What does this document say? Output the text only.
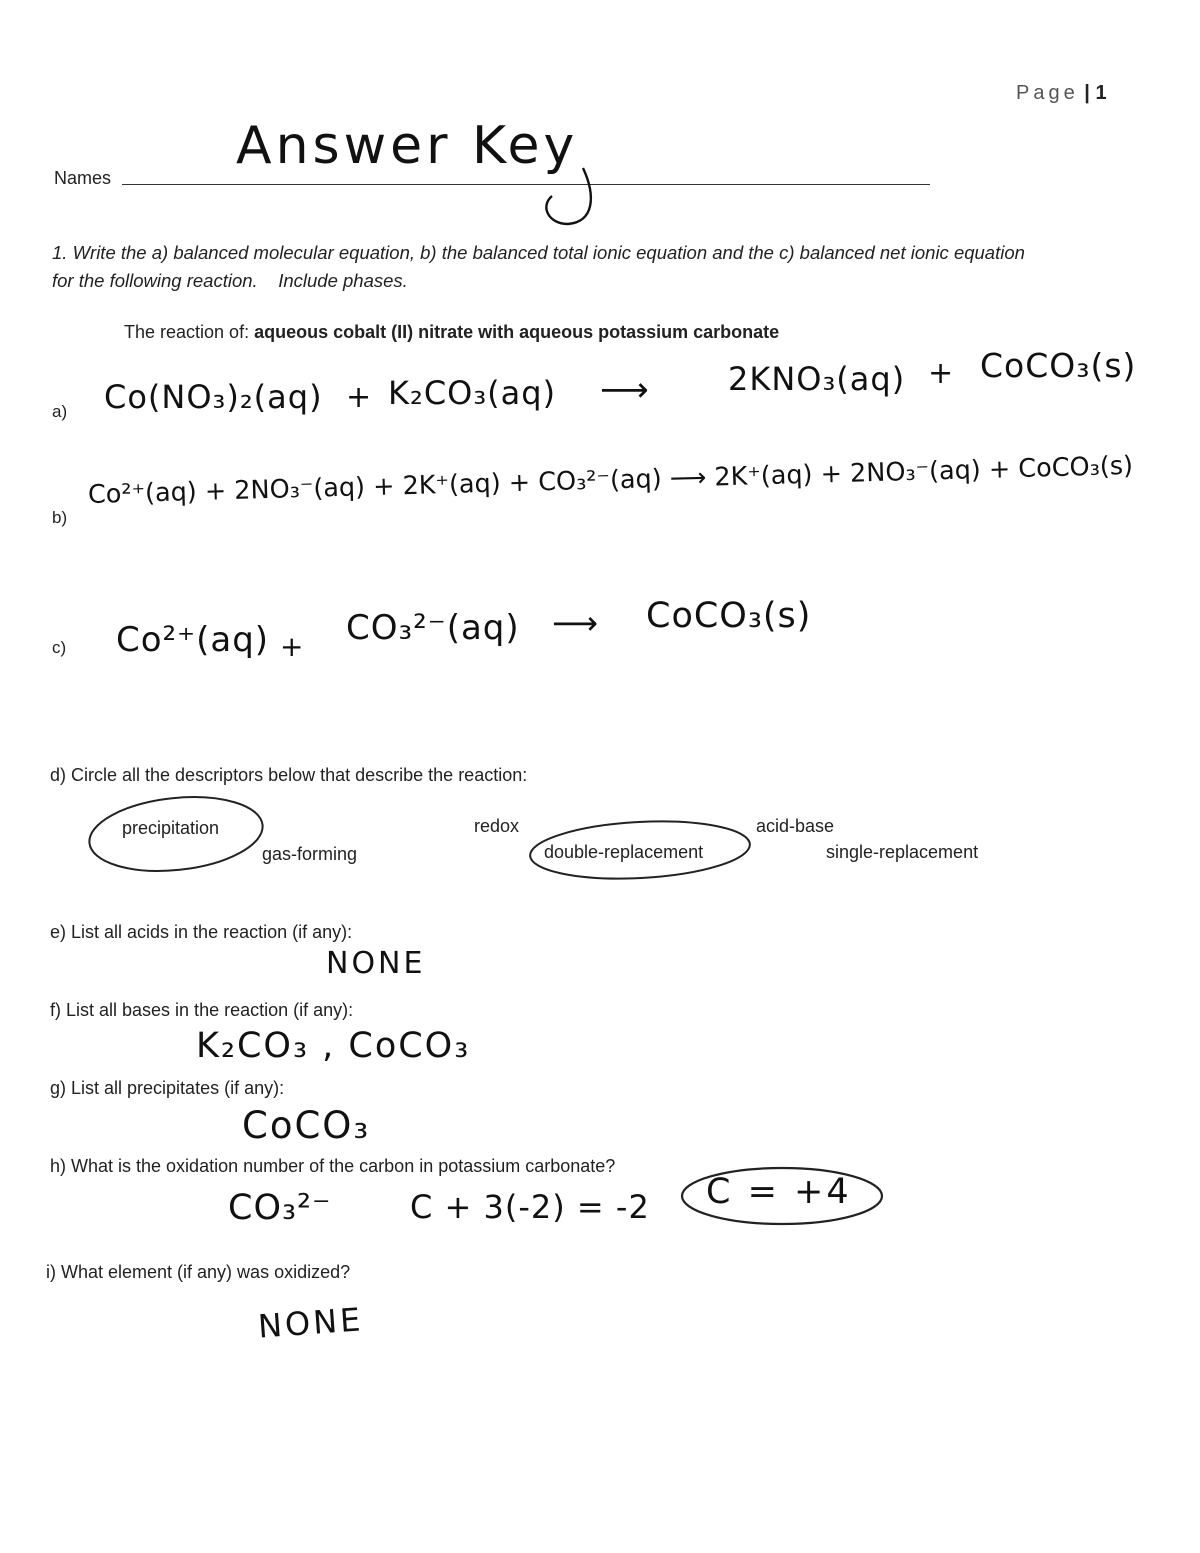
Page | 1
Names
Answer Key
1. Write the a) balanced molecular equation, b) the balanced total ionic equation and the c) balanced net ionic equation
for the following reaction.    Include phases.
The reaction of: aqueous cobalt (II) nitrate with aqueous potassium carbonate
a) Co(NO₃)₂(aq) + K₂CO₃(aq) ⟶ 2KNO₃(aq) + CoCO₃(s)
b)
Co²⁺(aq) + 2NO₃⁻(aq) + 2K⁺(aq) + CO₃²⁻(aq) ⟶ 2K⁺(aq) + 2NO₃⁻(aq) + CoCO₃(s)
c) Co²⁺(aq) + CO₃²⁻(aq) ⟶ CoCO₃(s)
d) Circle all the descriptors below that describe the reaction:
precipitation
gas-forming
redox
double-replacement
acid-base
single-replacement
e) List all acids in the reaction (if any):
NONE
f) List all bases in the reaction (if any):
K₂CO₃ , CoCO₃
g) List all precipitates (if any):
CoCO₃
h) What is the oxidation number of the carbon in potassium carbonate?
CO₃²⁻ C + 3(-2) = -2 C = +4
i) What element (if any) was oxidized?
NONE
